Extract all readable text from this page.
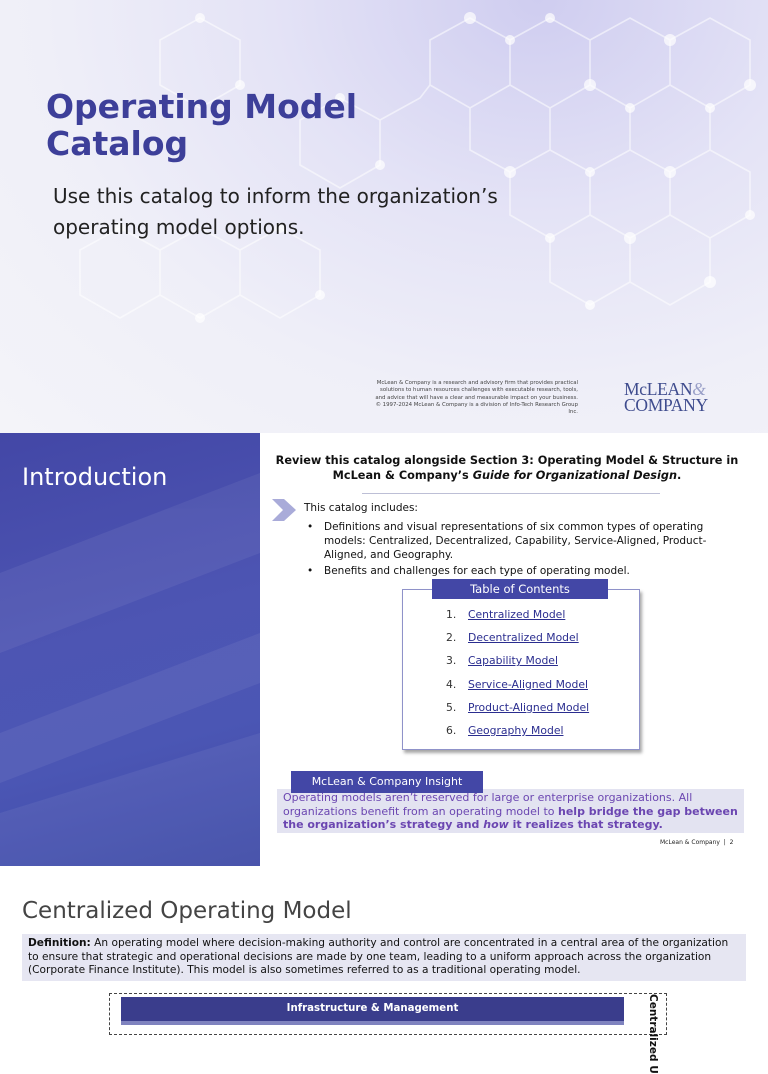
Operating Model Catalog
Use this catalog to inform the organization’s operating model options.
McLean & Company is a research and advisory firm that provides practical solutions to human resources challenges with executable research, tools, and advice that will have a clear and measurable impact on your business. © 1997-2024 McLean & Company is a division of Info-Tech Research Group Inc.
McLEAN&
COMPANY
Introduction
Review this catalog alongside Section 3: Operating Model & Structure in McLean & Company’s Guide for Organizational Design.
This catalog includes:
• Definitions and visual representations of six common types of operating models: Centralized, Decentralized, Capability, Service-Aligned, Product-Aligned, and Geography.
• Benefits and challenges for each type of operating model.
Table of Contents
1. Centralized Model
2. Decentralized Model
3. Capability Model
4. Service-Aligned Model
5. Product-Aligned Model
6. Geography Model
McLean & Company Insight
Operating models aren’t reserved for large or enterprise organizations. All organizations benefit from an operating model to help bridge the gap between the organization’s strategy and how it realizes that strategy.
McLean & Company  |  2
Centralized Operating Model
Definition: An operating model where decision-making authority and control are concentrated in a central area of the organization to ensure that strategic and operational decisions are made by one team, leading to a uniform approach across the organization (Corporate Finance Institute). This model is also sometimes referred to as a traditional operating model.
Infrastructure & Management	Centralized U
